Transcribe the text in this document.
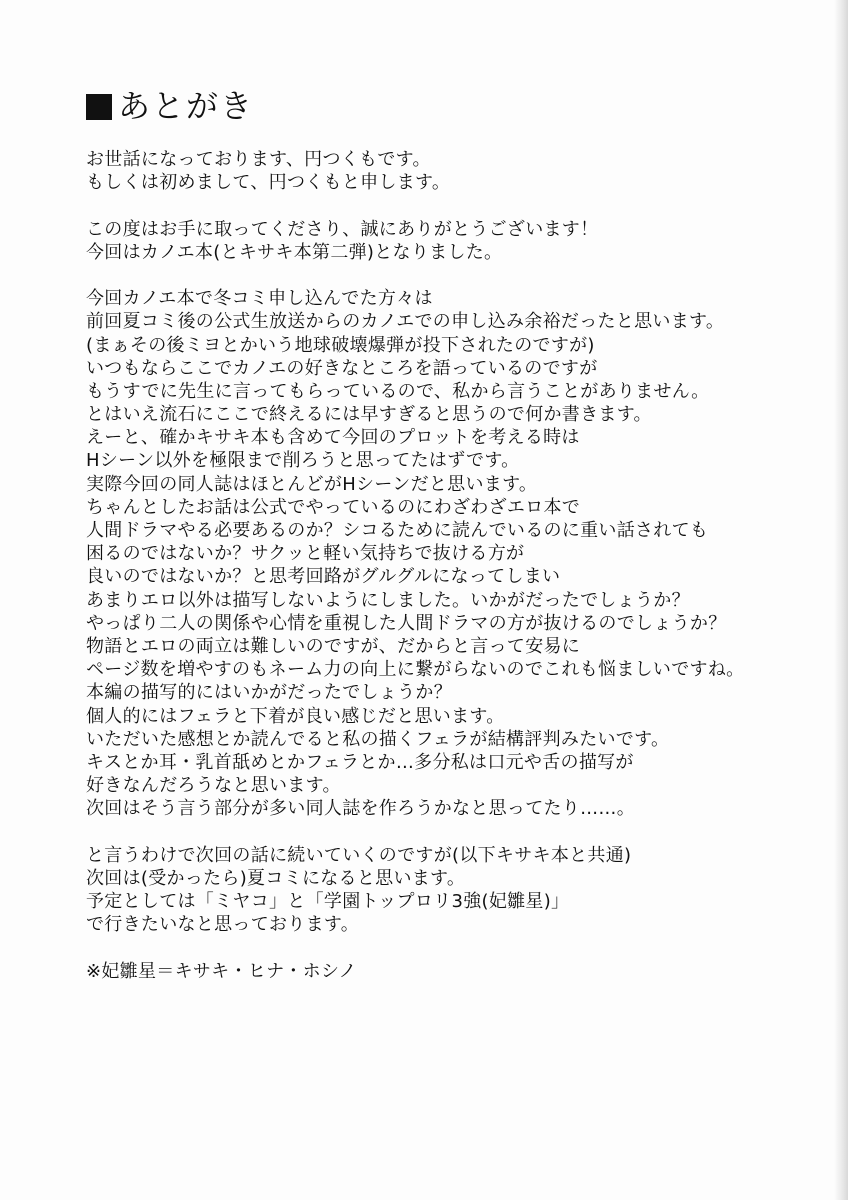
あとがき
お世話になっております、円つくもです。
もしくは初めまして、円つくもと申します。
この度はお手に取ってくださり、誠にありがとうございます！
今回はカノエ本(とキサキ本第二弾)となりました。
今回カノエ本で冬コミ申し込んでた方々は
前回夏コミ後の公式生放送からのカノエでの申し込み余裕だったと思います。
(まぁその後ミヨとかいう地球破壊爆弾が投下されたのですが)
いつもならここでカノエの好きなところを語っているのですが
もうすでに先生に言ってもらっているので、私から言うことがありません。
とはいえ流石にここで終えるには早すぎると思うので何か書きます。
えーと、確かキサキ本も含めて今回のプロットを考える時は
Hシーン以外を極限まで削ろうと思ってたはずです。
実際今回の同人誌はほとんどがHシーンだと思います。
ちゃんとしたお話は公式でやっているのにわざわざエロ本で
人間ドラマやる必要あるのか？シコるために読んでいるのに重い話されても
困るのではないか？サクッと軽い気持ちで抜ける方が
良いのではないか？と思考回路がグルグルになってしまい
あまりエロ以外は描写しないようにしました。いかがだったでしょうか？
やっぱり二人の関係や心情を重視した人間ドラマの方が抜けるのでしょうか？
物語とエロの両立は難しいのですが、だからと言って安易に
ページ数を増やすのもネーム力の向上に繋がらないのでこれも悩ましいですね。
本編の描写的にはいかがだったでしょうか？
個人的にはフェラと下着が良い感じだと思います。
いただいた感想とか読んでると私の描くフェラが結構評判みたいです。
キスとか耳・乳首舐めとかフェラとか…多分私は口元や舌の描写が
好きなんだろうなと思います。
次回はそう言う部分が多い同人誌を作ろうかなと思ってたり……。
と言うわけで次回の話に続いていくのですが(以下キサキ本と共通)
次回は(受かったら)夏コミになると思います。
予定としては「ミヤコ」と「学園トップロリ3強(妃雛星)」
で行きたいなと思っております。
※妃雛星＝キサキ・ヒナ・ホシノ
